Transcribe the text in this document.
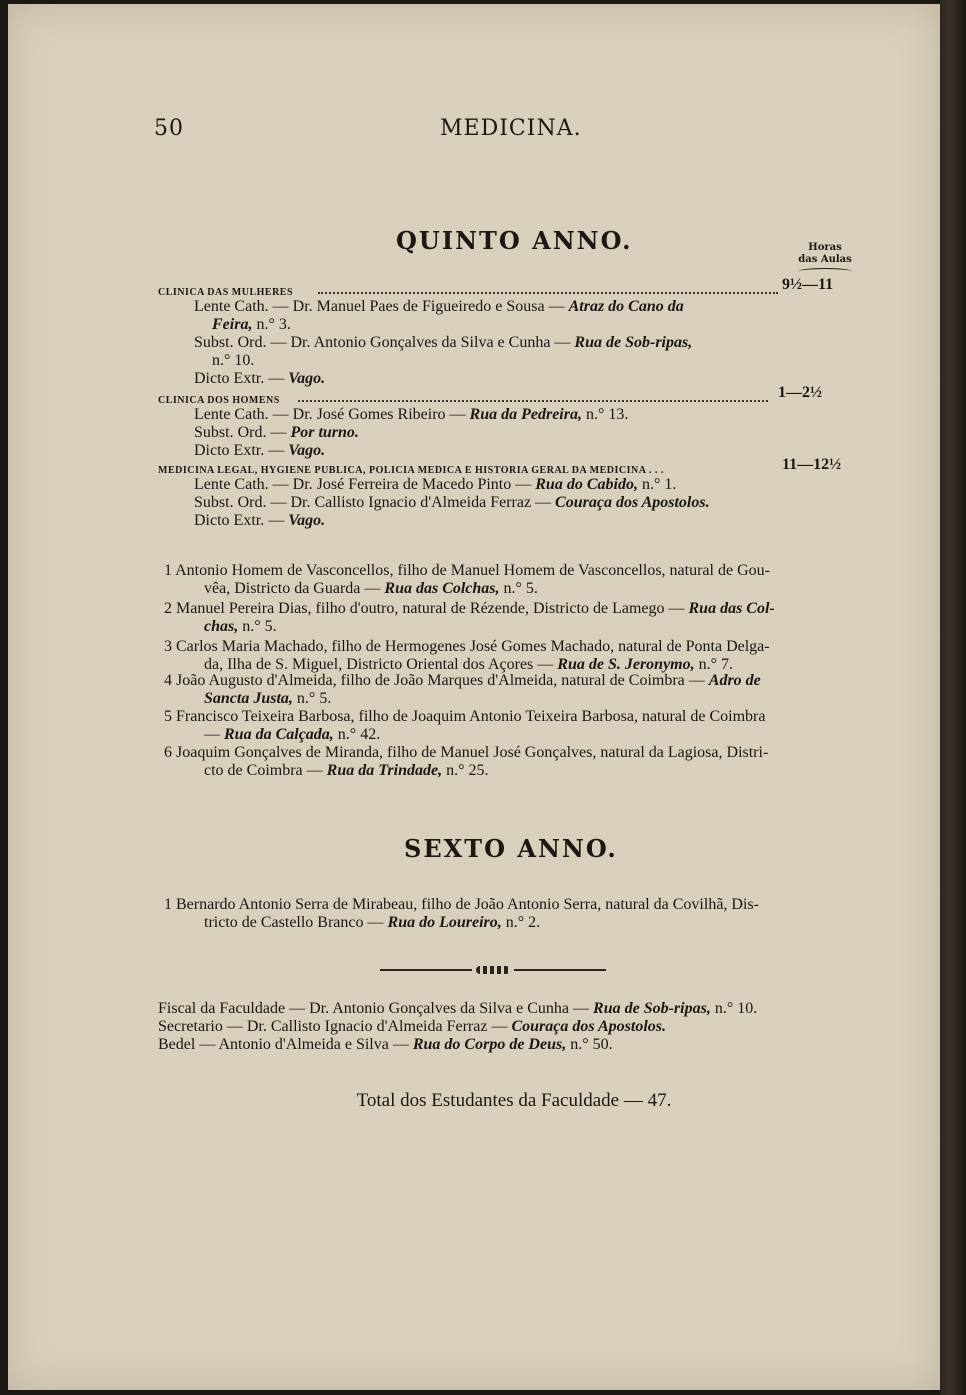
50	MEDICINA.
QUINTO ANNO.	Horas
das Aulas
CLINICA DAS MULHERES	9½—11
Lente Cath. — Dr. Manuel Paes de Figueiredo e Sousa — Atraz do Cano da
Feira, n.° 3.
Subst. Ord. — Dr. Antonio Gonçalves da Silva e Cunha — Rua de Sob-ripas,
n.° 10.
Dicto Extr. — Vago.
CLINICA DOS HOMENS	1—2½
Lente Cath. — Dr. José Gomes Ribeiro — Rua da Pedreira, n.° 13.
Subst. Ord. — Por turno.
Dicto Extr. — Vago.
MEDICINA LEGAL, HYGIENE PUBLICA, POLICIA MEDICA E HISTORIA GERAL DA MEDICINA . . .	11—12½
Lente Cath. — Dr. José Ferreira de Macedo Pinto — Rua do Cabido, n.° 1.
Subst. Ord. — Dr. Callisto Ignacio d'Almeida Ferraz — Couraça dos Apostolos.
Dicto Extr. — Vago.
1 Antonio Homem de Vasconcellos, filho de Manuel Homem de Vasconcellos, natural de Gou-
vêa, Districto da Guarda — Rua das Colchas, n.° 5.
2 Manuel Pereira Dias, filho d'outro, natural de Rézende, Districto de Lamego — Rua das Col-
chas, n.° 5.
3 Carlos Maria Machado, filho de Hermogenes José Gomes Machado, natural de Ponta Delga-
da, Ilha de S. Miguel, Districto Oriental dos Açores — Rua de S. Jeronymo, n.° 7.
4 João Augusto d'Almeida, filho de João Marques d'Almeida, natural de Coimbra — Adro de
Sancta Justa, n.° 5.
5 Francisco Teixeira Barbosa, filho de Joaquim Antonio Teixeira Barbosa, natural de Coimbra
— Rua da Calçada, n.° 42.
6 Joaquim Gonçalves de Miranda, filho de Manuel José Gonçalves, natural da Lagiosa, Distri-
cto de Coimbra — Rua da Trindade, n.° 25.
SEXTO ANNO.
1 Bernardo Antonio Serra de Mirabeau, filho de João Antonio Serra, natural da Covilhã, Dis-
tricto de Castello Branco — Rua do Loureiro, n.° 2.
Fiscal da Faculdade — Dr. Antonio Gonçalves da Silva e Cunha — Rua de Sob-ripas, n.° 10.
Secretario — Dr. Callisto Ignacio d'Almeida Ferraz — Couraça dos Apostolos.
Bedel — Antonio d'Almeida e Silva — Rua do Corpo de Deus, n.° 50.
Total dos Estudantes da Faculdade — 47.
